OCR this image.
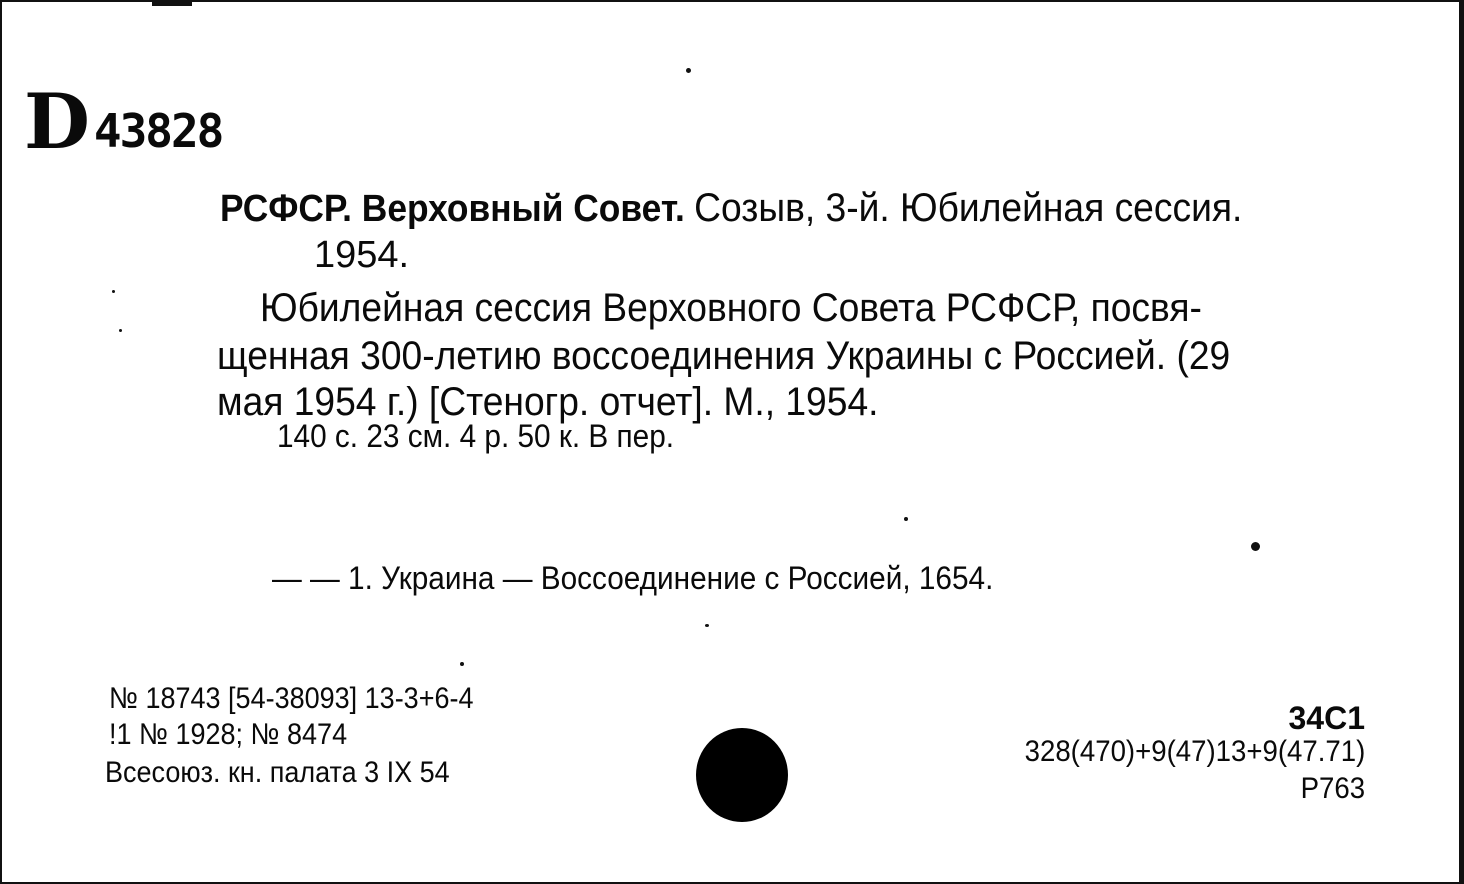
D 43828
РСФСР. Верховный Совет. Созыв, 3-й. Юбилейная сессия.
1954.
Юбилейная сессия Верховного Совета РСФСР, посвя-
щенная 300-летию воссоединения Украины с Россией. (29
мая 1954 г.) [Стеногр. отчет]. М., 1954.
140 с. 23 см. 4 р. 50 к. В пер.
— — 1. Украина — Воссоединение с Россией, 1654.
№ 18743 [54-38093] 13-3+6-4
!1 № 1928; № 8474
Всесоюз. кн. палата 3 IX 54
34С1
328(470)+9(47)13+9(47.71)
Р763
